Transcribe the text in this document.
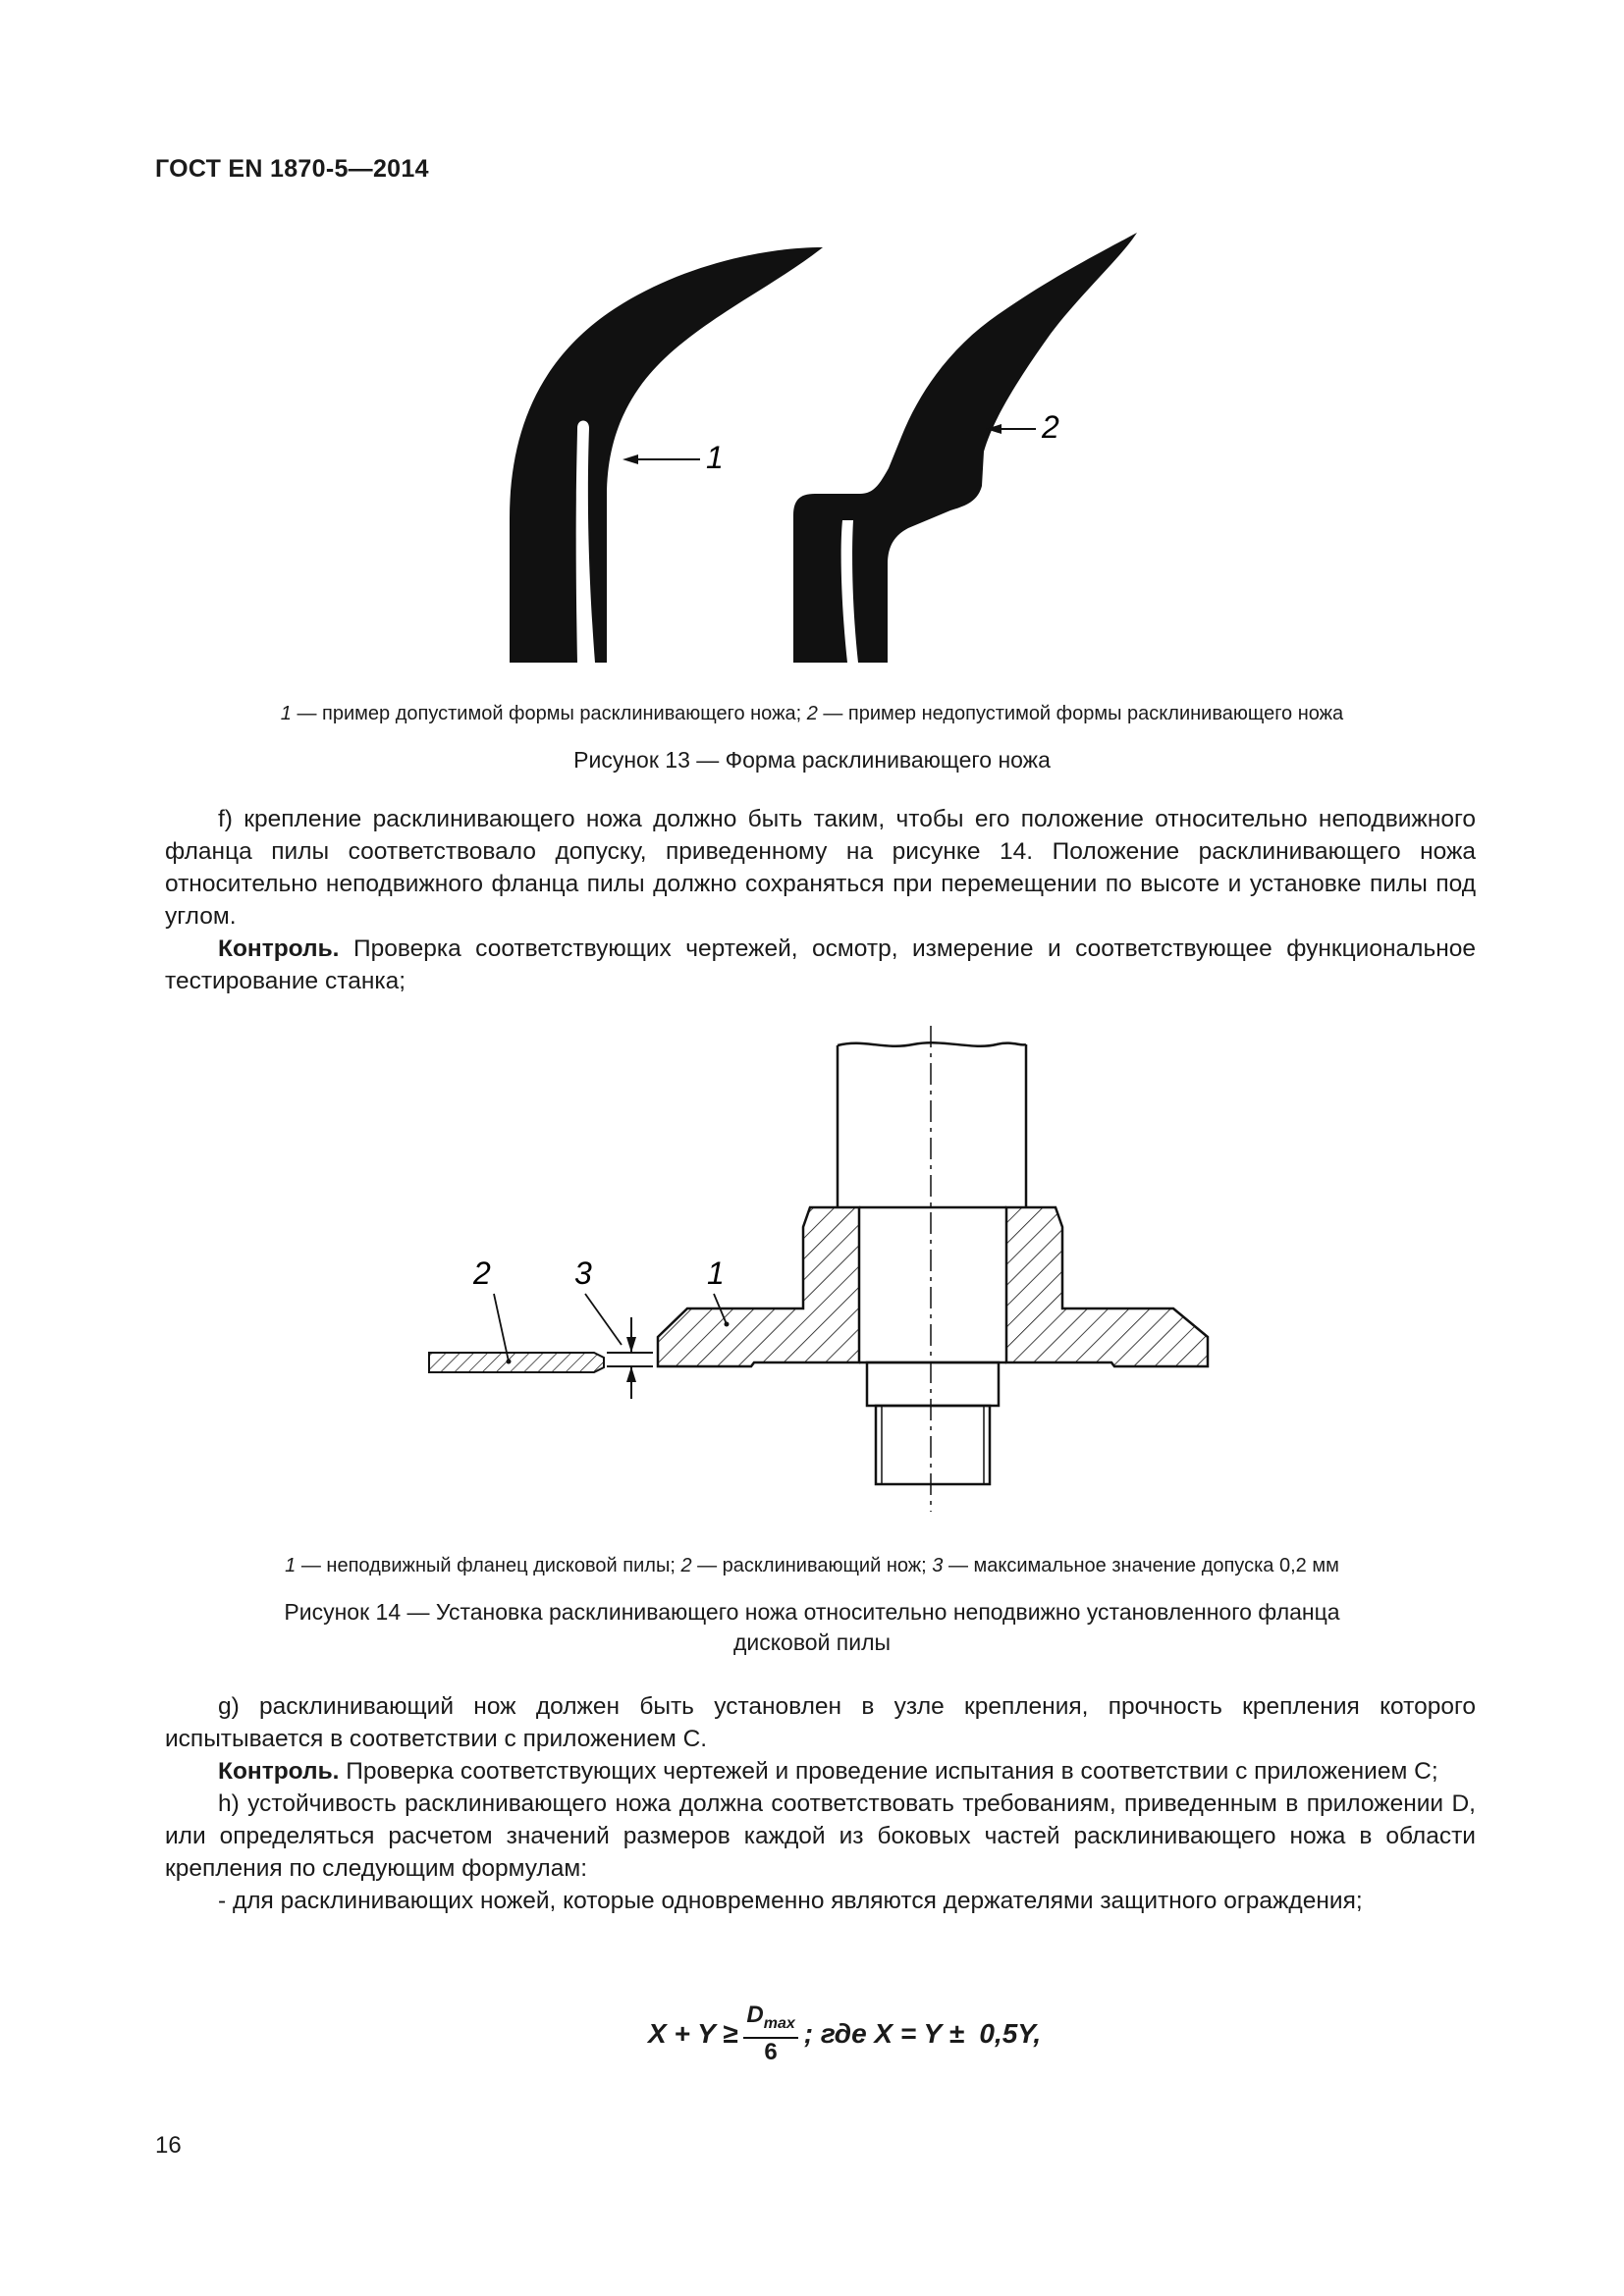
ГОСТ EN 1870-5—2014
1
2
1 — пример допустимой формы расклинивающего ножа; 2 — пример недопустимой формы расклинивающего ножа
Рисунок 13 — Форма расклинивающего ножа
f) крепление расклинивающего ножа должно быть таким, чтобы его положение относительно неподвижного фланца пилы соответствовало допуску, приведенному на рисунке 14. Положение расклинивающего ножа относительно неподвижного фланца пилы должно сохраняться при перемещении по высоте и установке пилы под углом.
Контроль. Проверка соответствующих чертежей, осмотр, измерение и соответствующее функциональное тестирование станка;
2	3	1
1 — неподвижный фланец дисковой пилы; 2 — расклинивающий нож; 3 — максимальное значение допуска 0,2 мм
Рисунок 14 — Установка расклинивающего ножа относительно неподвижно установленного фланца
дисковой пилы
g) расклинивающий нож должен быть установлен в узле крепления, прочность крепления которого испытывается в соответствии с приложением С.
Контроль. Проверка соответствующих чертежей и проведение испытания в соответствии с приложением С;
h) устойчивость расклинивающего ножа должна соответствовать требованиям, приведенным в приложении D, или определяться расчетом значений размеров каждой из боковых частей расклинивающего ножа в области крепления по следующим формулам:
- для расклинивающих ножей, которые одновременно являются держателями защитного ограждения;
X + Y ≥
$D_{max}$
6
; где X = Y ±  0,5Y,
16
